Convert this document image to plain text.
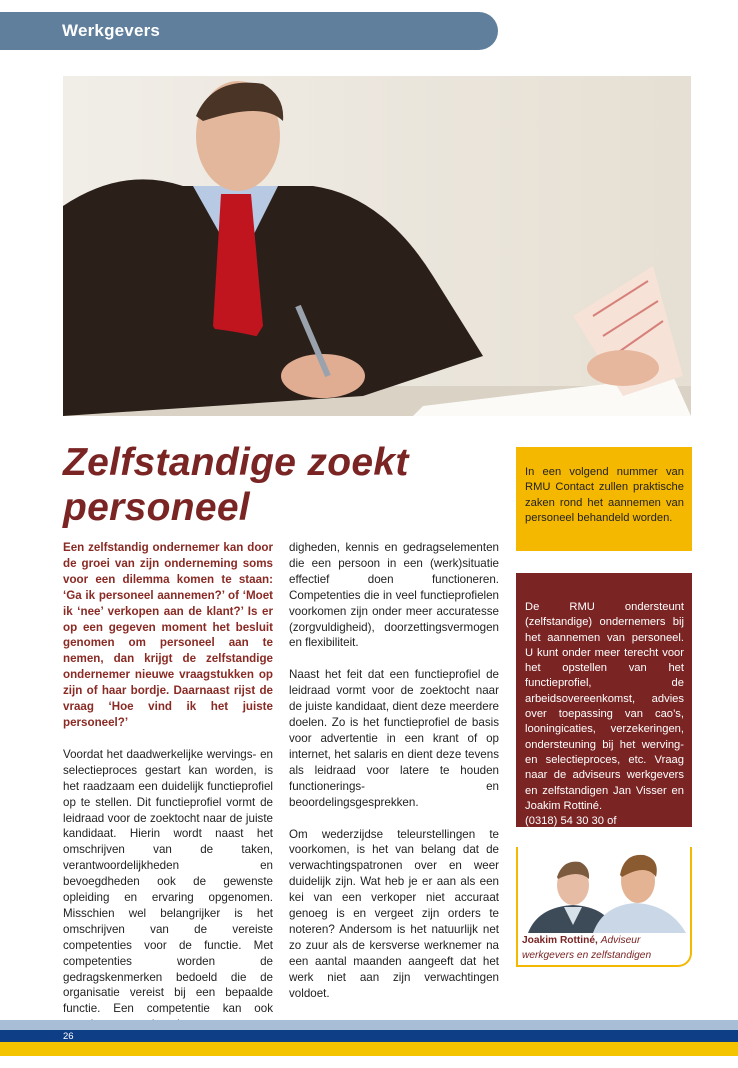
Werkgevers
Zelfstandige zoekt personeel

Een zelfstandig ondernemer kan door de groei van zijn onderneming soms voor een dilemma komen te staan: ‘Ga ik personeel aannemen?’ of ‘Moet ik ‘nee’ verkopen aan de klant?’ Is er op een gegeven moment het besluit genomen om personeel aan te nemen, dan krijgt de zelfstandige ondernemer nieuwe vraagstukken op zijn of haar bordje. Daarnaast rijst de vraag ‘Hoe vind ik het juiste personeel?’

Voordat het daadwerkelijke wervings- en selectieproces gestart kan worden, is het raadzaam een duidelijk functieprofiel op te stellen. Dit functieprofiel vormt de leidraad voor de zoektocht naar de juiste kandidaat. Hierin wordt naast het omschrijven van de taken, verantwoordelijkheden en bevoegdheden ook de gewenste opleiding en ervaring opgenomen. Misschien wel belangrijker is het omschrijven van de vereiste competenties voor de functie. Met competenties worden de gedragskenmerken bedoeld die de organisatie vereist bij een bepaalde functie. Een competentie kan ook

digheden, kennis en gedragselementen die een persoon in een (werk)situatie effectief doen functioneren. Competenties die in veel functieprofielen voorkomen zijn onder meer accuratesse (zorgvuldigheid), doorzettingsvermogen en flexibiliteit.

Naast het feit dat een functieprofiel de leidraad vormt voor de zoektocht naar de juiste kandidaat, dient deze meerdere doelen. Zo is het functieprofiel de basis voor advertentie in een krant of op internet, het salaris en dient deze tevens als leidraad voor latere te houden functionerings- en beoordelingsgesprekken.

Om wederzijdse teleurstellingen te voorkomen, is het van belang dat de verwachtingspatronen over en weer duidelijk zijn. Wat heb je er aan als een kei van een verkoper niet accuraat genoeg is en vergeet zijn orders te noteren? Andersom is het natuurlijk net zo zuur als de kersverse werknemer na een aantal maanden aangeeft dat het werk niet aan zijn verwachtingen voldoet.

In een volgend nummer van RMU Contact zullen praktische zaken rond het aannemen van personeel behandeld worden.

De RMU ondersteunt (zelfstandige) ondernemers bij het aannemen van personeel. U kunt onder meer terecht voor het opstellen van het functieprofiel, de arbeidsovereenkomst, advies over toepassing van cao’s, looningicaties, verzekeringen, ondersteuning bij het werving- en selectieproces, etc. Vraag naar de adviseurs werkgevers en zelfstandigen Jan Visser en Joakim Rottiné.

(0318) 54 30 30 of

zzp@rmu.org.

Joakim Rottiné, Adviseur werkgevers en zelfstandigen
26
